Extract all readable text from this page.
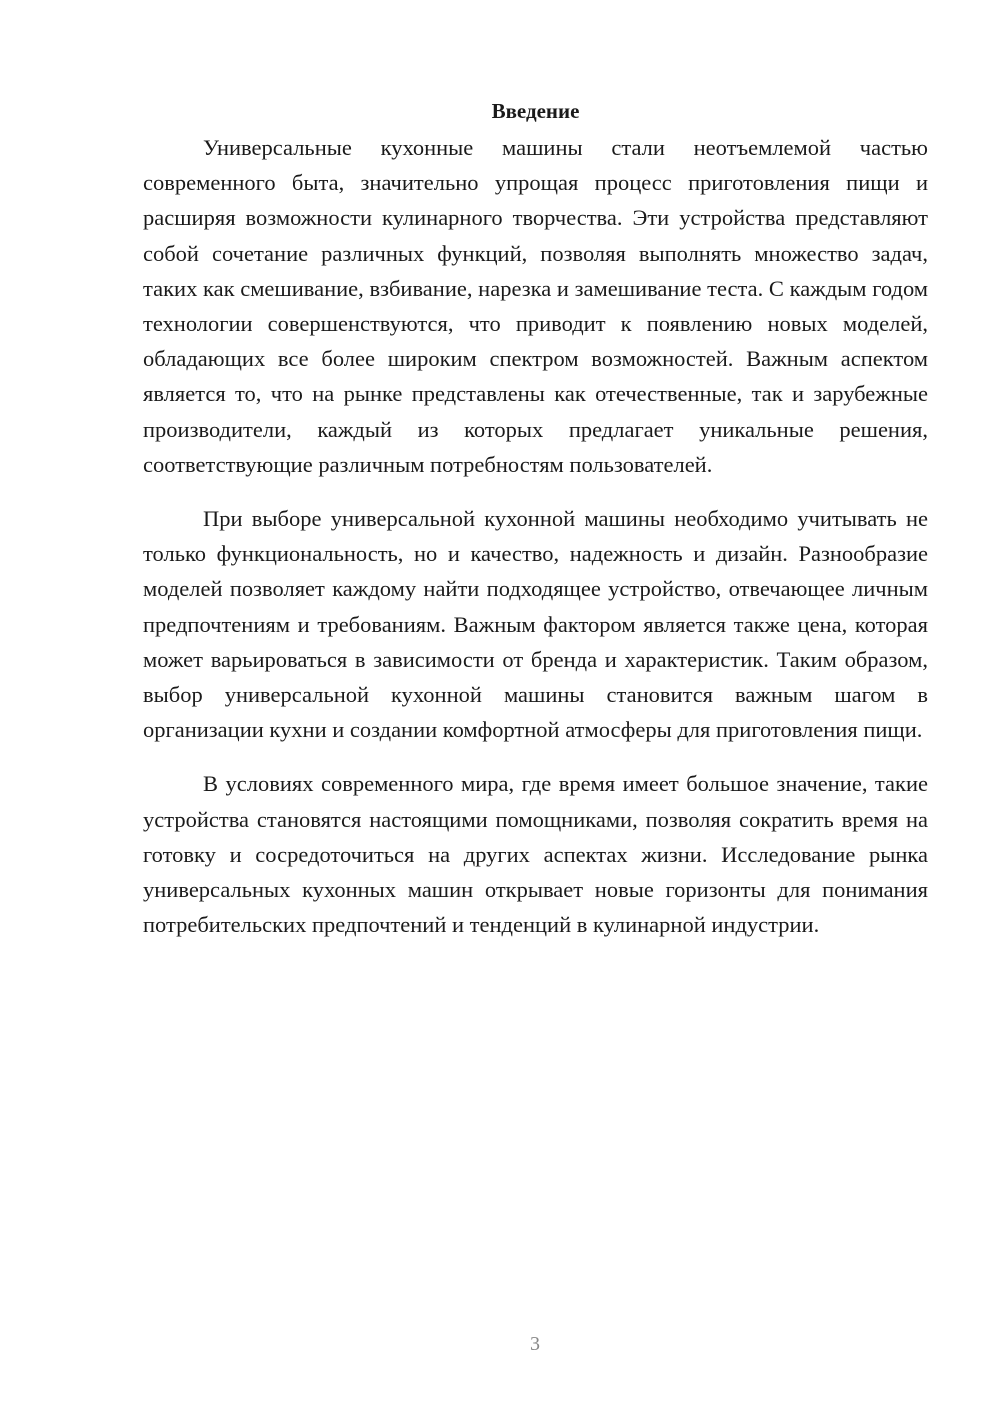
Введение

Универсальные кухонные машины стали неотъемлемой частью современного быта, значительно упрощая процесс приготовления пищи и расширяя возможности кулинарного творчества. Эти устройства представляют собой сочетание различных функций, позволяя выполнять множество задач, таких как смешивание, взбивание, нарезка и замешивание теста. С каждым годом технологии совершенствуются, что приводит к появлению новых моделей, обладающих все более широким спектром возможностей. Важным аспектом является то, что на рынке представлены как отечественные, так и зарубежные производители, каждый из которых предлагает уникальные решения, соответствующие различным потребностям пользователей.

При выборе универсальной кухонной машины необходимо учитывать не только функциональность, но и качество, надежность и дизайн. Разнообразие моделей позволяет каждому найти подходящее устройство, отвечающее личным предпочтениям и требованиям. Важным фактором является также цена, которая может варьироваться в зависимости от бренда и характеристик. Таким образом, выбор универсальной кухонной машины становится важным шагом в организации кухни и создании комфортной атмосферы для приготовления пищи.

В условиях современного мира, где время имеет большое значение, такие устройства становятся настоящими помощниками, позволяя сократить время на готовку и сосредоточиться на других аспектах жизни. Исследование рынка универсальных кухонных машин открывает новые горизонты для понимания потребительских предпочтений и тенденций в кулинарной индустрии.

3
